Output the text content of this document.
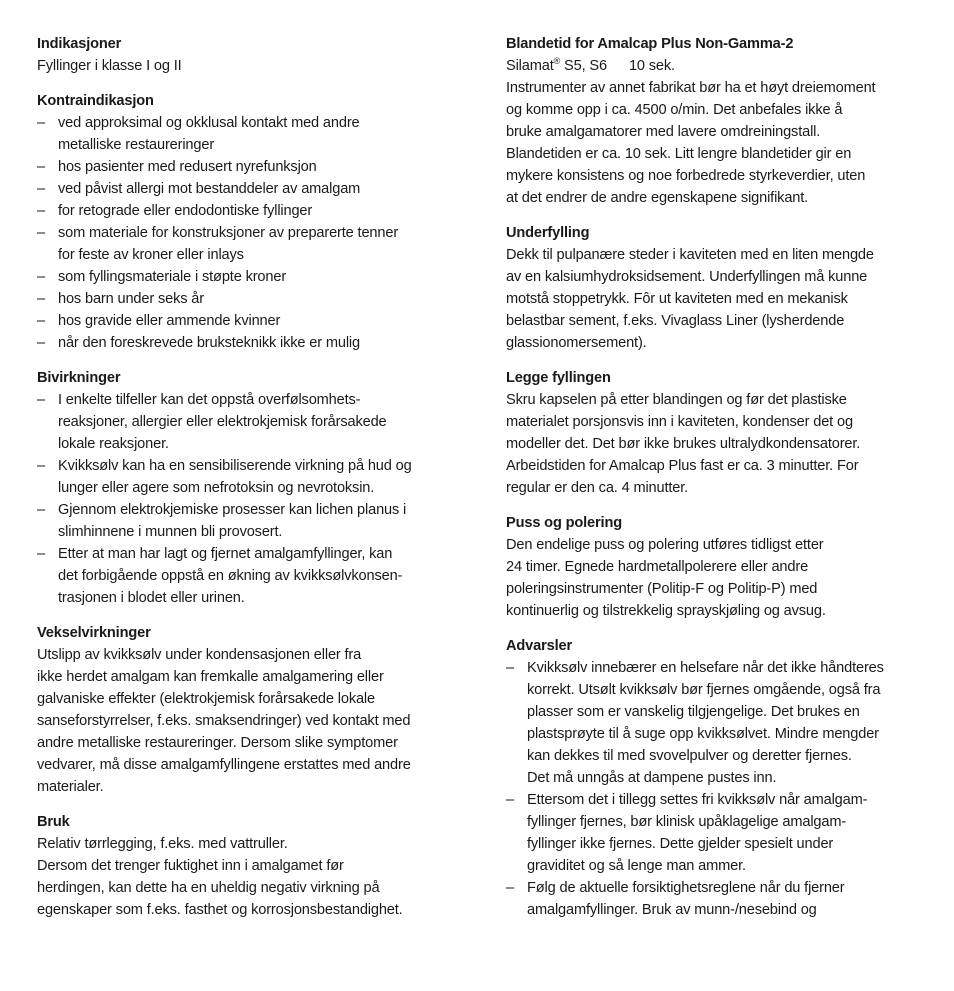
Indikasjoner
Fyllinger i klasse I og II
Kontraindikasjon
– ved approksimal og okklusal kontakt med andre
metalliske restaureringer
– hos pasienter med redusert nyrefunksjon
– ved påvist allergi mot bestanddeler av amalgam
– for retograde eller endodontiske fyllinger
– som materiale for konstruksjoner av preparerte tenner
for feste av kroner eller inlays
– som fyllingsmateriale i støpte kroner
– hos barn under seks år
– hos gravide eller ammende kvinner
– når den foreskrevede bruksteknikk ikke er mulig
Bivirkninger
– I enkelte tilfeller kan det oppstå overfølsomhets-
reaksjoner, allergier eller elektrokjemisk forårsakede
lokale reaksjoner.
– Kvikksølv kan ha en sensibiliserende virkning på hud og
lunger eller agere som nefrotoksin og nevrotoksin.
– Gjennom elektrokjemiske prosesser kan lichen planus i
slimhinnene i munnen bli provosert.
– Etter at man har lagt og fjernet amalgamfyllinger, kan
det forbigående oppstå en økning av kvikksølvkonsen-
trasjonen i blodet eller urinen.
Vekselvirkninger
Utslipp av kvikksølv under kondensasjonen eller fra
ikke herdet amalgam kan fremkalle amalgamering eller
galvaniske effekter (elektrokjemisk forårsakede lokale
sanseforstyrrelser, f.eks. smaksendringer) ved kontakt med
andre metalliske restaureringer. Dersom slike symptomer
vedvarer, må disse amalgamfyllingene erstattes med andre
materialer.
Bruk
Relativ tørrlegging, f.eks. med vattruller.
Dersom det trenger fuktighet inn i amalgamet før
herdingen, kan dette ha en uheldig negativ virkning på
egenskaper som f.eks. fasthet og korrosjonsbestandighet.
Blandetid for Amalcap Plus Non-Gamma-2
Silamat® S5, S6 10 sek.
Instrumenter av annet fabrikat bør ha et høyt dreiemoment
og komme opp i ca. 4500 o/min. Det anbefales ikke å
bruke amalgamatorer med lavere omdreiningstall.
Blandetiden er ca. 10 sek. Litt lengre blandetider gir en
mykere konsistens og noe forbedrede styrkeverdier, uten
at det endrer de andre egenskapene signifikant.
Underfylling
Dekk til pulpanære steder i kaviteten med en liten mengde
av en kalsiumhydroksidsement. Underfyllingen må kunne
motstå stoppetrykk. Fôr ut kaviteten med en mekanisk
belastbar sement, f.eks. Vivaglass Liner (lysherdende
glassionomersement).
Legge fyllingen
Skru kapselen på etter blandingen og før det plastiske
materialet porsjonsvis inn i kaviteten, kondenser det og
modeller det. Det bør ikke brukes ultralydkondensatorer.
Arbeidstiden for Amalcap Plus fast er ca. 3 minutter. For
regular er den ca. 4 minutter.
Puss og polering
Den endelige puss og polering utføres tidligst etter
24 timer. Egnede hardmetallpolerere eller andre
poleringsinstrumenter (Politip-F og Politip-P) med
kontinuerlig og tilstrekkelig sprayskjøling og avsug.
Advarsler
– Kvikksølv innebærer en helsefare når det ikke håndteres
korrekt. Utsølt kvikksølv bør fjernes omgående, også fra
plasser som er vanskelig tilgjengelige. Det brukes en
plastsprøyte til å suge opp kvikksølvet. Mindre mengder
kan dekkes til med svovelpulver og deretter fjernes.
Det må unngås at dampene pustes inn.
– Ettersom det i tillegg settes fri kvikksølv når amalgam-
fyllinger fjernes, bør klinisk upåklagelige amalgam-
fyllinger ikke fjernes. Dette gjelder spesielt under
graviditet og så lenge man ammer.
– Følg de aktuelle forsiktighetsreglene når du fjerner
amalgamfyllinger. Bruk av munn-/nesebind og
